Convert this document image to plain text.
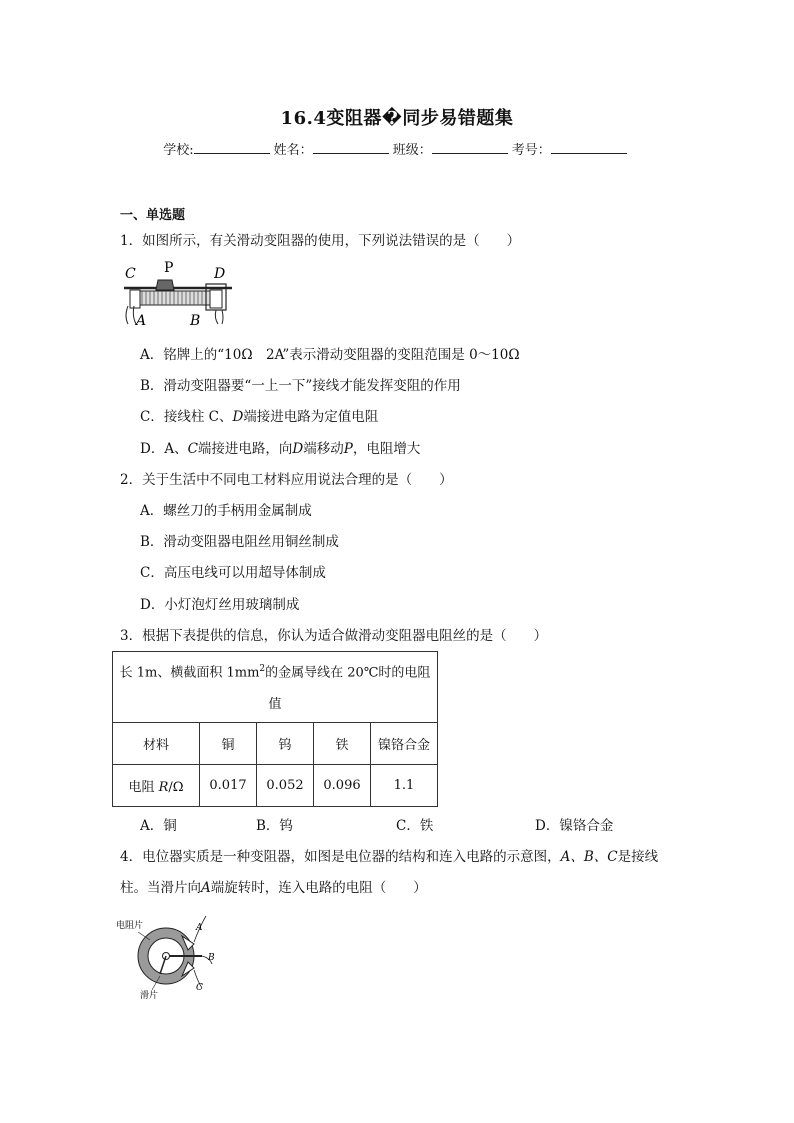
16.4变阻器�同步易错题集
学校:	姓名：	班级：	考号：
一、单选题
1．如图所示，有关滑动变阻器的使用，下列说法错误的是（　　）
C P	D
A	B
A．铭牌上的“10Ω　2A”表示滑动变阻器的变阻范围是 0～10Ω
B．滑动变阻器要“一上一下”接线才能发挥变阻的作用
C．接线柱 C、D端接进电路为定值电阻
D．A、C端接进电路，向D端移动P，电阻增大
2．关于生活中不同电工材料应用说法合理的是（　　）
A．螺丝刀的手柄用金属制成
B．滑动变阻器电阻丝用铜丝制成
C．高压电线可以用超导体制成
D．小灯泡灯丝用玻璃制成
3．根据下表提供的信息，你认为适合做滑动变阻器电阻丝的是（　　）
长 1m、横截面积 $1mm^2$的金属导线在 20℃时的电阻
值				
材料	铜	钨	铁	镍铬合金
电阻 R/Ω	0.017	0.052	0.096	1.1
A．铜	B．钨	C．铁	D．镍铬合金
4．电位器实质是一种变阻器，如图是电位器的结构和连入电路的示意图，A、B、C是接线
柱。当滑片向A端旋转时，连入电路的电阻（　　）
电阻片
滑片
A
B
C
